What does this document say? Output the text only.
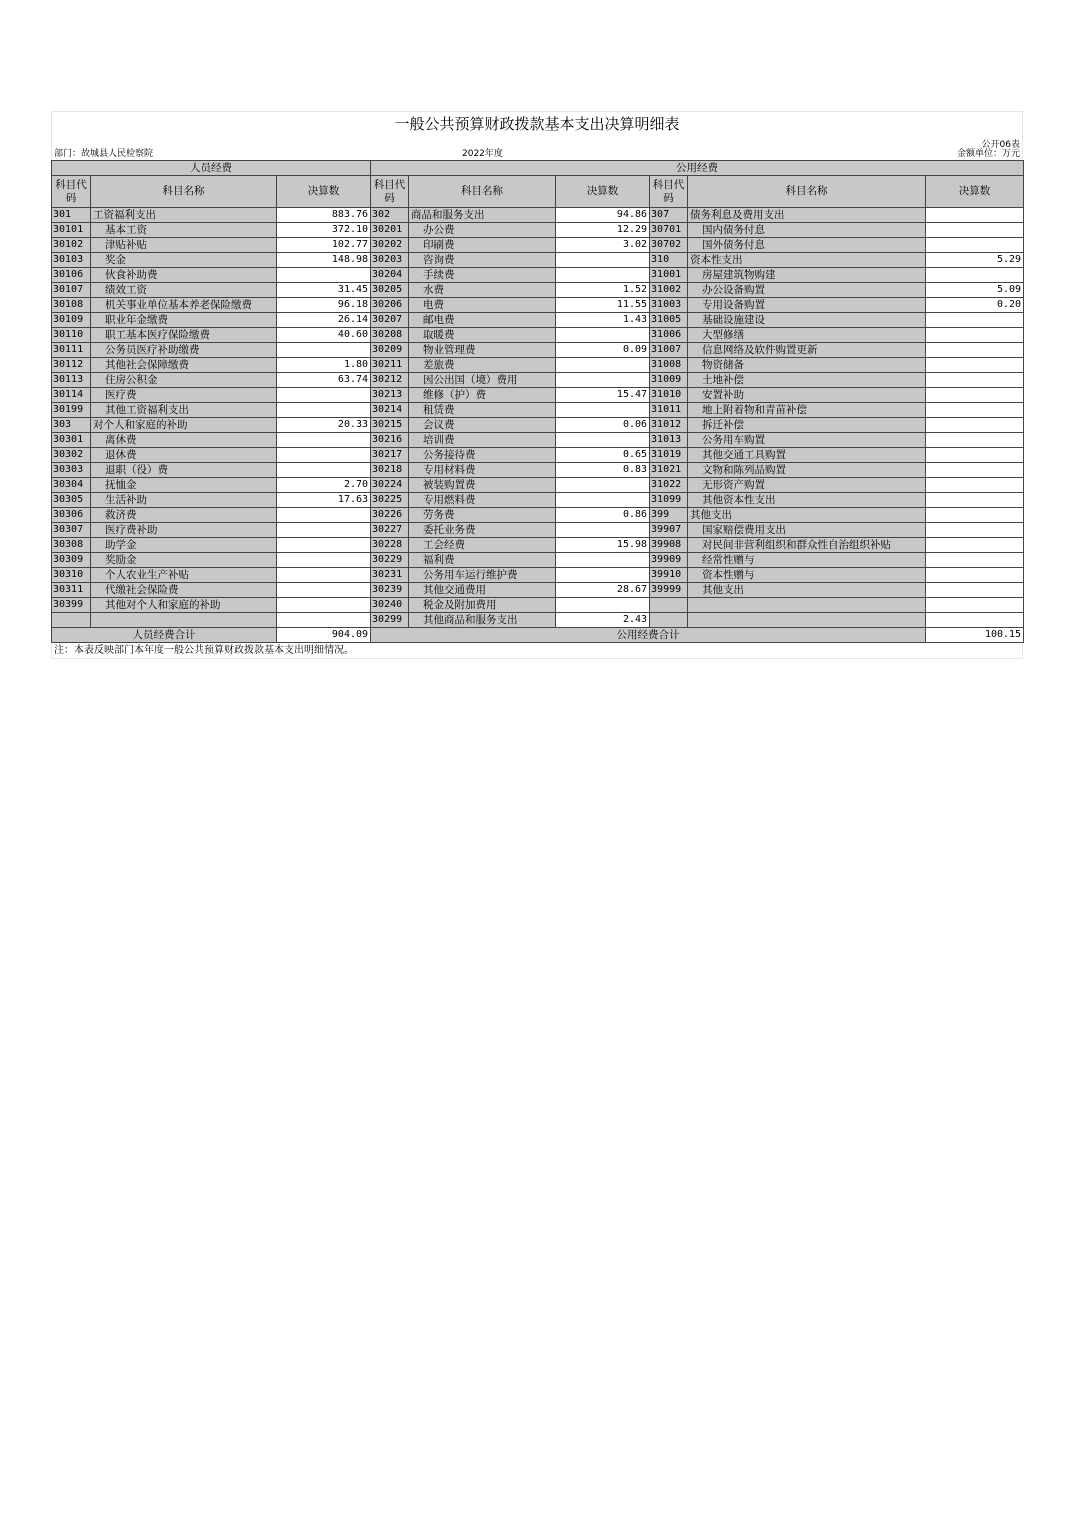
一般公共预算财政拨款基本支出决算明细表
部门：故城县人民检察院	2022年度
公开06表
金额单位：万元
人员经费			公用经费					
科目代码	科目名称	决算数	科目代码	科目名称	决算数	科目代码	科目名称	决算数
301	工资福利支出	883.76	302	商品和服务支出	94.86	307	债务利息及费用支出	
30101	基本工资	372.10	30201	办公费	12.29	30701	国内债务付息	
30102	津贴补贴	102.77	30202	印刷费	3.02	30702	国外债务付息	
30103	奖金	148.98	30203	咨询费		310	资本性支出	5.29
30106	伙食补助费		30204	手续费		31001	房屋建筑物购建	
30107	绩效工资	31.45	30205	水费	1.52	31002	办公设备购置	5.09
30108	机关事业单位基本养老保险缴费	96.18	30206	电费	11.55	31003	专用设备购置	0.20
30109	职业年金缴费	26.14	30207	邮电费	1.43	31005	基础设施建设	
30110	职工基本医疗保险缴费	40.60	30208	取暖费		31006	大型修缮	
30111	公务员医疗补助缴费		30209	物业管理费	0.09	31007	信息网络及软件购置更新	
30112	其他社会保障缴费	1.80	30211	差旅费		31008	物资储备	
30113	住房公积金	63.74	30212	因公出国（境）费用		31009	土地补偿	
30114	医疗费		30213	维修（护）费	15.47	31010	安置补助	
30199	其他工资福利支出		30214	租赁费		31011	地上附着物和青苗补偿	
303	对个人和家庭的补助	20.33	30215	会议费	0.06	31012	拆迁补偿	
30301	离休费		30216	培训费		31013	公务用车购置	
30302	退休费		30217	公务接待费	0.65	31019	其他交通工具购置	
30303	退职（役）费		30218	专用材料费	0.83	31021	文物和陈列品购置	
30304	抚恤金	2.70	30224	被装购置费		31022	无形资产购置	
30305	生活补助	17.63	30225	专用燃料费		31099	其他资本性支出	
30306	救济费		30226	劳务费	0.86	399	其他支出	
30307	医疗费补助		30227	委托业务费		39907	国家赔偿费用支出	
30308	助学金		30228	工会经费	15.98	39908	对民间非营利组织和群众性自治组织补贴	
30309	奖励金		30229	福利费		39909	经常性赠与	
30310	个人农业生产补贴		30231	公务用车运行维护费		39910	资本性赠与	
30311	代缴社会保险费		30239	其他交通费用	28.67	39999	其他支出	
30399	其他对个人和家庭的补助		30240	税金及附加费用				
			30299	其他商品和服务支出	2.43			
人员经费合计		904.09	公用经费合计					100.15
注：本表反映部门本年度一般公共预算财政拨款基本支出明细情况。
